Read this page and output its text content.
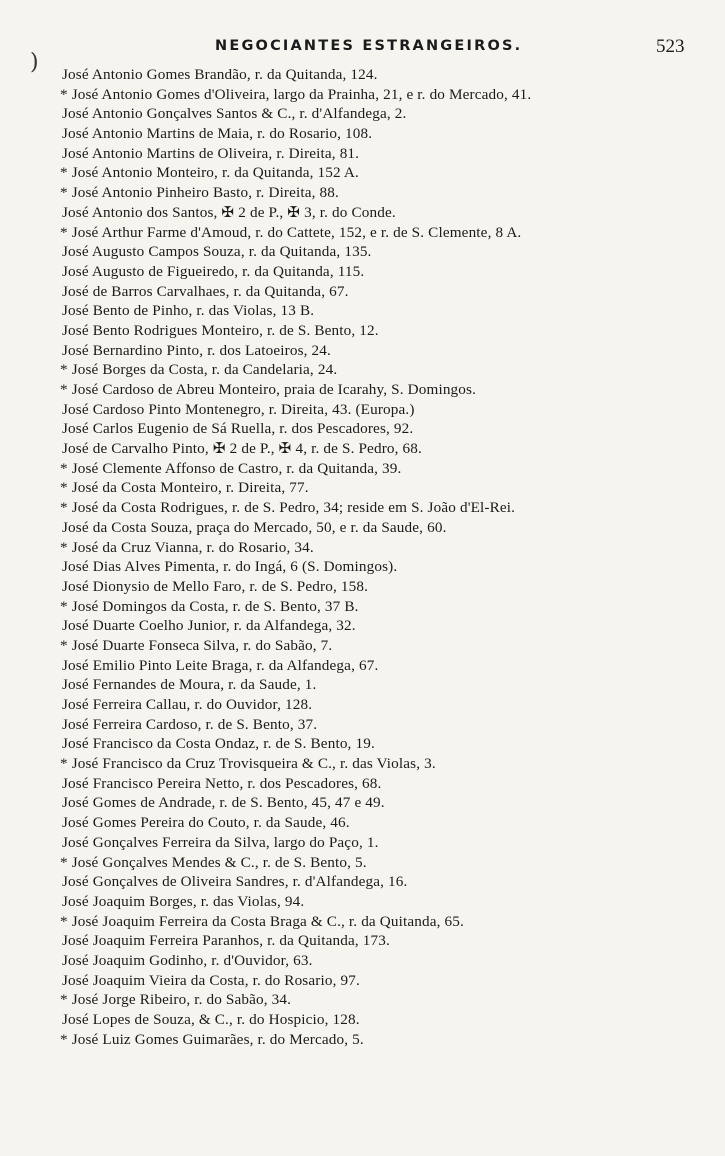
)
NEGOCIANTES ESTRANGEIROS.	523
José Antonio Gomes Brandão, r. da Quitanda, 124.
* José Antonio Gomes d'Oliveira, largo da Prainha, 21, e r. do Mercado, 41.
José Antonio Gonçalves Santos & C., r. d'Alfandega, 2.
José Antonio Martins de Maia, r. do Rosario, 108.
José Antonio Martins de Oliveira, r. Direita, 81.
* José Antonio Monteiro, r. da Quitanda, 152 A.
* José Antonio Pinheiro Basto, r. Direita, 88.
José Antonio dos Santos, ✠ 2 de P., ✠ 3, r. do Conde.
* José Arthur Farme d'Amoud, r. do Cattete, 152, e r. de S. Clemente, 8 A.
José Augusto Campos Souza, r. da Quitanda, 135.
José Augusto de Figueiredo, r. da Quitanda, 115.
José de Barros Carvalhaes, r. da Quitanda, 67.
José Bento de Pinho, r. das Violas, 13 B.
José Bento Rodrigues Monteiro, r. de S. Bento, 12.
José Bernardino Pinto, r. dos Latoeiros, 24.
* José Borges da Costa, r. da Candelaria, 24.
* José Cardoso de Abreu Monteiro, praia de Icarahy, S. Domingos.
José Cardoso Pinto Montenegro, r. Direita, 43. (Europa.)
José Carlos Eugenio de Sá Ruella, r. dos Pescadores, 92.
José de Carvalho Pinto, ✠ 2 de P., ✠ 4, r. de S. Pedro, 68.
* José Clemente Affonso de Castro, r. da Quitanda, 39.
* José da Costa Monteiro, r. Direita, 77.
* José da Costa Rodrigues, r. de S. Pedro, 34; reside em S. João d'El-Rei.
José da Costa Souza, praça do Mercado, 50, e r. da Saude, 60.
* José da Cruz Vianna, r. do Rosario, 34.
José Dias Alves Pimenta, r. do Ingá, 6 (S. Domingos).
José Dionysio de Mello Faro, r. de S. Pedro, 158.
* José Domingos da Costa, r. de S. Bento, 37 B.
José Duarte Coelho Junior, r. da Alfandega, 32.
* José Duarte Fonseca Silva, r. do Sabão, 7.
José Emilio Pinto Leite Braga, r. da Alfandega, 67.
José Fernandes de Moura, r. da Saude, 1.
José Ferreira Callau, r. do Ouvidor, 128.
José Ferreira Cardoso, r. de S. Bento, 37.
José Francisco da Costa Ondaz, r. de S. Bento, 19.
* José Francisco da Cruz Trovisqueira & C., r. das Violas, 3.
José Francisco Pereira Netto, r. dos Pescadores, 68.
José Gomes de Andrade, r. de S. Bento, 45, 47 e 49.
José Gomes Pereira do Couto, r. da Saude, 46.
José Gonçalves Ferreira da Silva, largo do Paço, 1.
* José Gonçalves Mendes & C., r. de S. Bento, 5.
José Gonçalves de Oliveira Sandres, r. d'Alfandega, 16.
José Joaquim Borges, r. das Violas, 94.
* José Joaquim Ferreira da Costa Braga & C., r. da Quitanda, 65.
José Joaquim Ferreira Paranhos, r. da Quitanda, 173.
José Joaquim Godinho, r. d'Ouvidor, 63.
José Joaquim Vieira da Costa, r. do Rosario, 97.
* José Jorge Ribeiro, r. do Sabão, 34.
José Lopes de Souza, & C., r. do Hospicio, 128.
* José Luiz Gomes Guimarães, r. do Mercado, 5.
